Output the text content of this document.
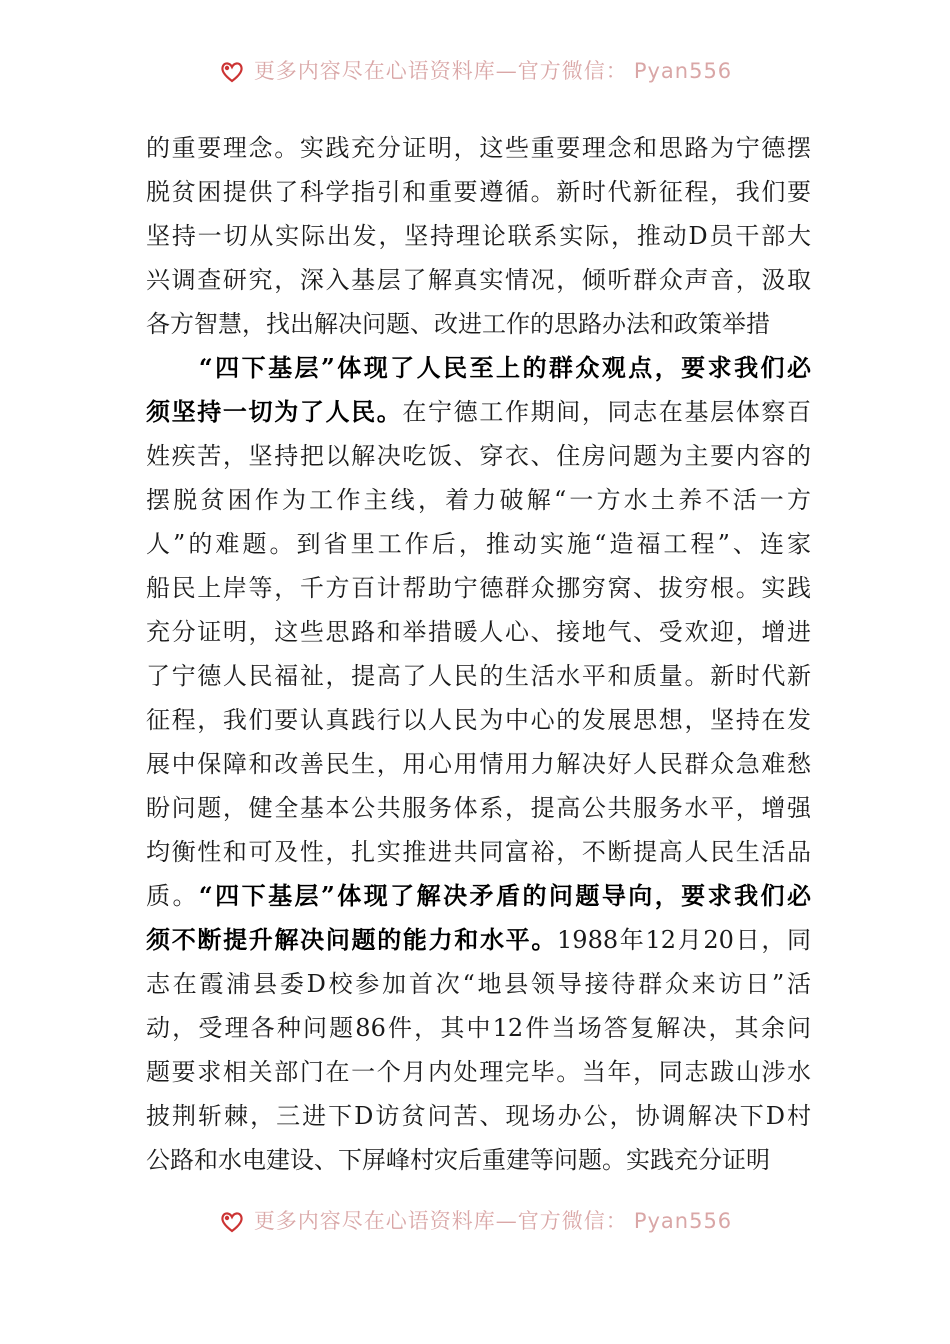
更多内容尽在心语资料库—官方微信： Pyan556
的重要理念。实践充分证明，这些重要理念和思路为宁德摆
脱贫困提供了科学指引和重要遵循。新时代新征程，我们要
坚持一切从实际出发，坚持理论联系实际，推动D员干部大
兴调查研究，深入基层了解真实情况，倾听群众声音，汲取
各方智慧，找出解决问题、改进工作的思路办法和政策举措
　　“四下基层”体现了人民至上的群众观点，要求我们必
须坚持一切为了人民。在宁德工作期间，同志在基层体察百
姓疾苦，坚持把以解决吃饭、穿衣、住房问题为主要内容的
摆脱贫困作为工作主线，着力破解“一方水土养不活一方
人”的难题。到省里工作后，推动实施“造福工程”、连家
船民上岸等，千方百计帮助宁德群众挪穷窝、拔穷根。实践
充分证明，这些思路和举措暖人心、接地气、受欢迎，增进
了宁德人民福祉，提高了人民的生活水平和质量。新时代新
征程，我们要认真践行以人民为中心的发展思想，坚持在发
展中保障和改善民生，用心用情用力解决好人民群众急难愁
盼问题，健全基本公共服务体系，提高公共服务水平，增强
均衡性和可及性，扎实推进共同富裕，不断提高人民生活品
质。“四下基层”体现了解决矛盾的问题导向，要求我们必
须不断提升解决问题的能力和水平。1988年12月20日，同
志在霞浦县委D校参加首次“地县领导接待群众来访日”活
动，受理各种问题86件，其中12件当场答复解决，其余问
题要求相关部门在一个月内处理完毕。当年，同志跋山涉水
披荆斩棘，三进下D访贫问苦、现场办公，协调解决下D村
公路和水电建设、下屏峰村灾后重建等问题。实践充分证明
更多内容尽在心语资料库—官方微信： Pyan556
